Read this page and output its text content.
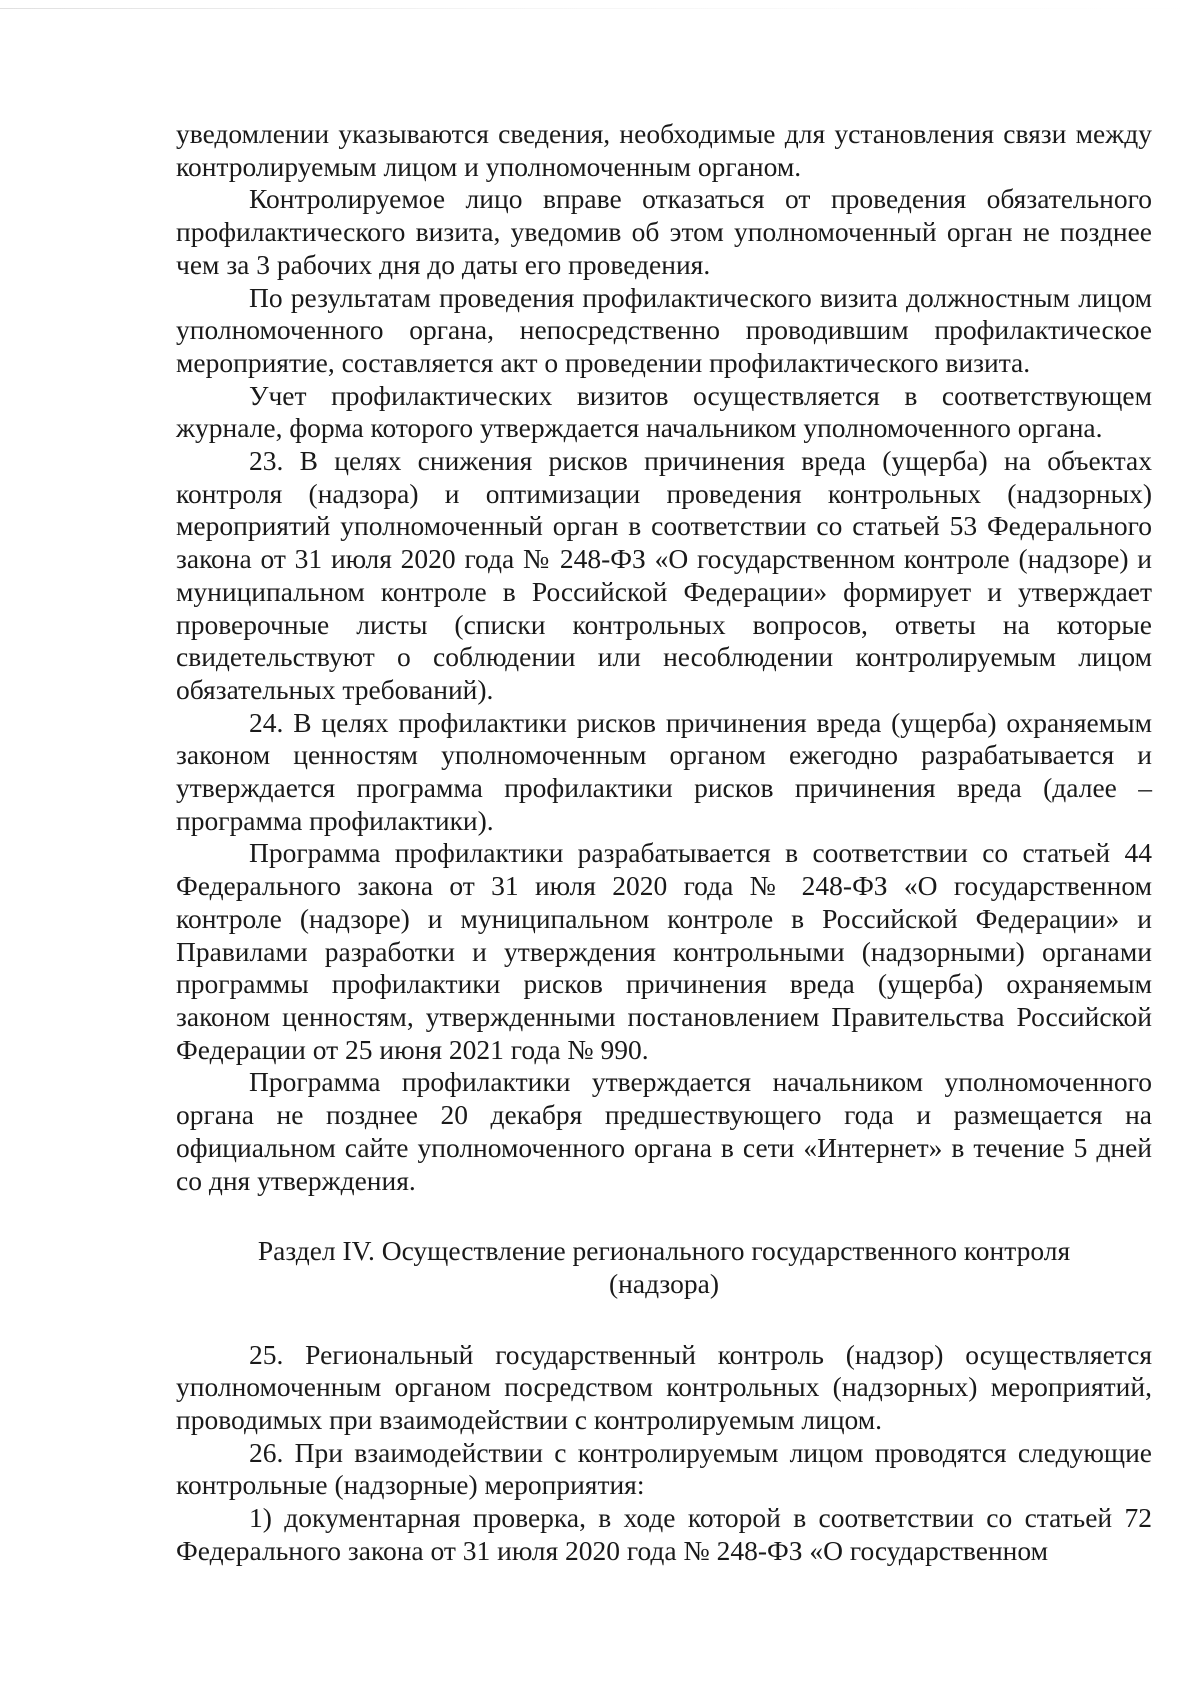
уведомлении указываются сведения, необходимые для установления связи между контролируемым лицом и уполномоченным органом.

Контролируемое лицо вправе отказаться от проведения обязательного профилактического визита, уведомив об этом уполномоченный орган не позднее чем за 3 рабочих дня до даты его проведения.

По результатам проведения профилактического визита должностным лицом уполномоченного органа, непосредственно проводившим профилактическое мероприятие, составляется акт о проведении профилактического визита.

Учет профилактических визитов осуществляется в соответствующем журнале, форма которого утверждается начальником уполномоченного органа.

23. В целях снижения рисков причинения вреда (ущерба) на объектах контроля (надзора) и оптимизации проведения контрольных (надзорных) мероприятий уполномоченный орган в соответствии со статьей 53 Федерального закона от 31 июля 2020 года № 248-ФЗ «О государственном контроле (надзоре) и муниципальном контроле в Российской Федерации» формирует и утверждает проверочные листы (списки контрольных вопросов, ответы на которые свидетельствуют о соблюдении или несоблюдении контролируемым лицом обязательных требований).

24. В целях профилактики рисков причинения вреда (ущерба) охраняемым законом ценностям уполномоченным органом ежегодно разрабатывается и утверждается программа профилактики рисков причинения вреда (далее – программа профилактики).

Программа профилактики разрабатывается в соответствии со статьей 44 Федерального закона от 31 июля 2020 года № 248-ФЗ «О государственном контроле (надзоре) и муниципальном контроле в Российской Федерации» и Правилами разработки и утверждения контрольными (надзорными) органами программы профилактики рисков причинения вреда (ущерба) охраняемым законом ценностям, утвержденными постановлением Правительства Российской Федерации от 25 июня 2021 года № 990.

Программа профилактики утверждается начальником уполномоченного органа не позднее 20 декабря предшествующего года и размещается на официальном сайте уполномоченного органа в сети «Интернет» в течение 5 дней со дня утверждения.

Раздел IV. Осуществление регионального государственного контроля (надзора)

25. Региональный государственный контроль (надзор) осуществляется уполномоченным органом посредством контрольных (надзорных) мероприятий, проводимых при взаимодействии с контролируемым лицом.

26. При взаимодействии с контролируемым лицом проводятся следующие контрольные (надзорные) мероприятия:

1) документарная проверка, в ходе которой в соответствии со статьей 72 Федерального закона от 31 июля 2020 года № 248-ФЗ «О государственном
